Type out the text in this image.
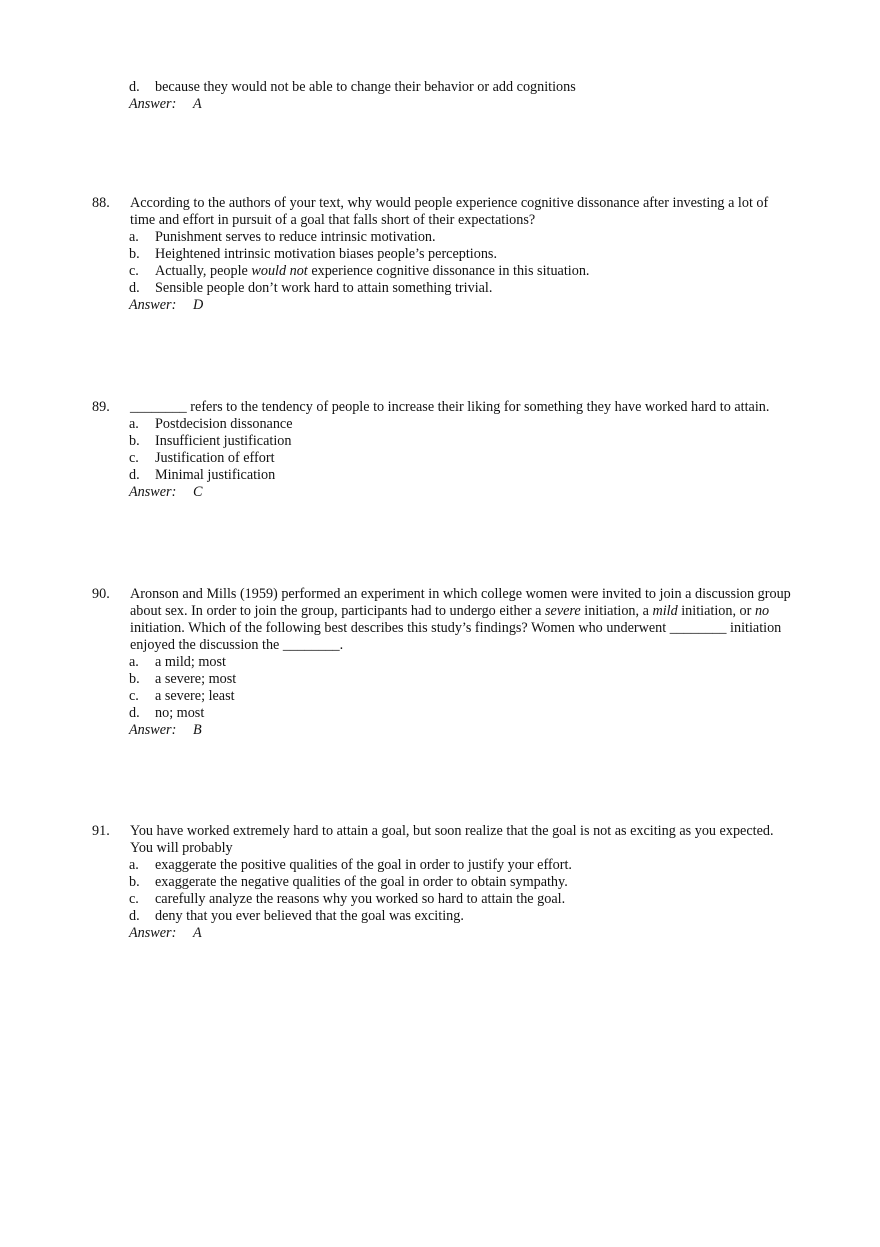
d.	because they would not be able to change their behavior or add cognitions
Answer: A
88.	According to the authors of your text, why would people experience cognitive dissonance after investing a lot of time and effort in pursuit of a goal that falls short of their expectations?
a.	Punishment serves to reduce intrinsic motivation.
b.	Heightened intrinsic motivation biases people’s perceptions.
c.	Actually, people would not experience cognitive dissonance in this situation.
d.	Sensible people don’t work hard to attain something trivial.
Answer: D
89.	________ refers to the tendency of people to increase their liking for something they have worked hard to attain.
a.	Postdecision dissonance
b.	Insufficient justification
c.	Justification of effort
d.	Minimal justification
Answer: C
90.	Aronson and Mills (1959) performed an experiment in which college women were invited to join a discussion group about sex. In order to join the group, participants had to undergo either a severe initiation, a mild initiation, or no initiation. Which of the following best describes this study’s findings? Women who underwent ________ initiation enjoyed the discussion the ________.
a.	a mild; most
b.	a severe; most
c.	a severe; least
d.	no; most
Answer: B
91.	You have worked extremely hard to attain a goal, but soon realize that the goal is not as exciting as you expected. You will probably
a.	exaggerate the positive qualities of the goal in order to justify your effort.
b.	exaggerate the negative qualities of the goal in order to obtain sympathy.
c.	carefully analyze the reasons why you worked so hard to attain the goal.
d.	deny that you ever believed that the goal was exciting.
Answer: A
